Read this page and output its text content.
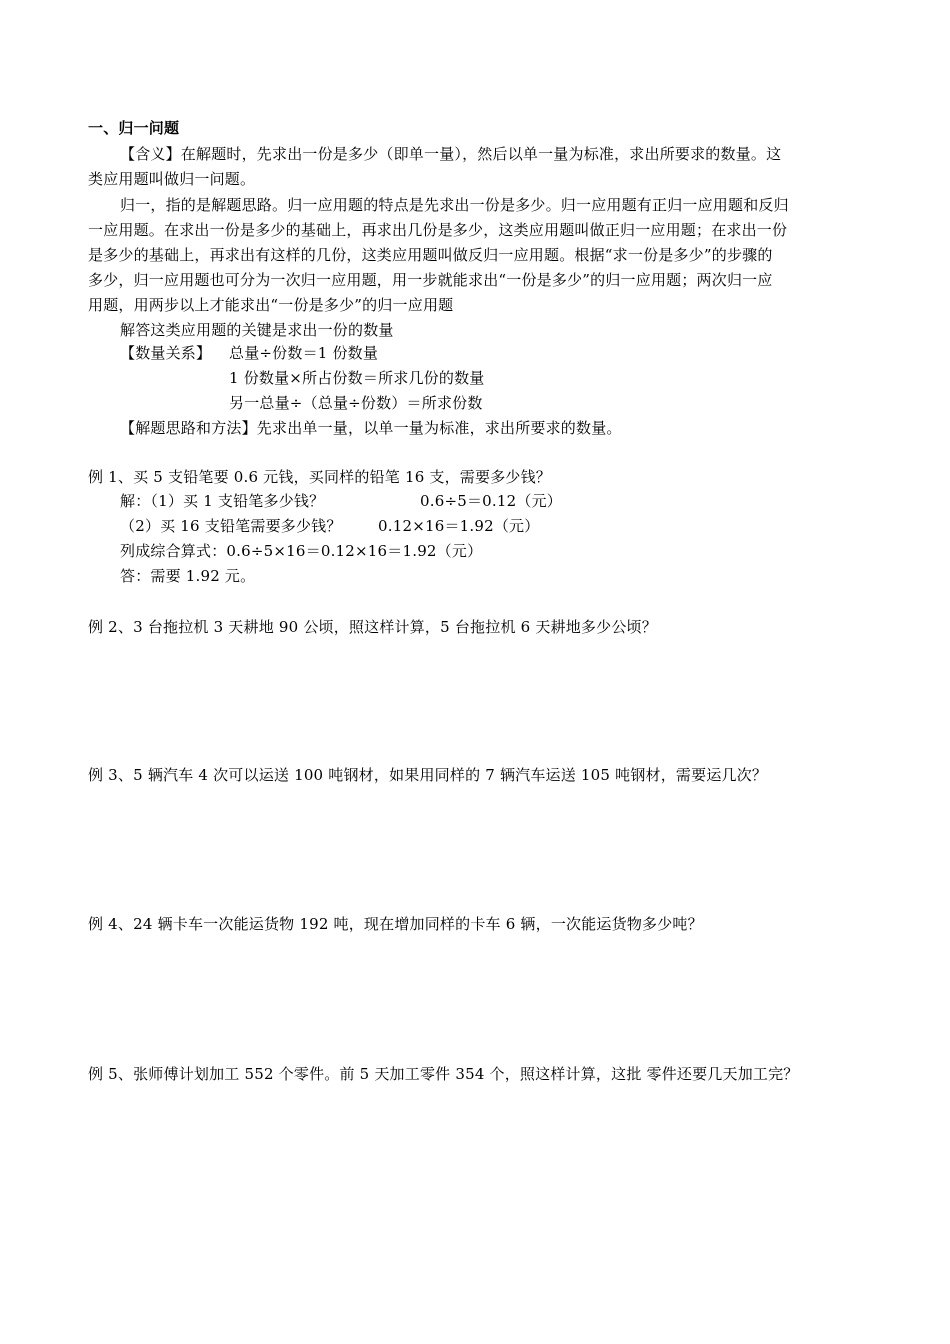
一、归一问题
【含义】在解题时，先求出一份是多少（即单一量），然后以单一量为标准，求出所要求的数量。这
类应用题叫做归一问题。
归一，指的是解题思路。归一应用题的特点是先求出一份是多少。归一应用题有正归一应用题和反归
一应用题。在求出一份是多少的基础上，再求出几份是多少，这类应用题叫做正归一应用题；在求出一份
是多少的基础上，再求出有这样的几份，这类应用题叫做反归一应用题。根据“求一份是多少”的步骤的
多少，归一应用题也可分为一次归一应用题，用一步就能求出“一份是多少”的归一应用题；两次归一应
用题，用两步以上才能求出“一份是多少”的归一应用题
解答这类应用题的关键是求出一份的数量
【数量关系】 总量÷份数＝1 份数量
1 份数量×所占份数＝所求几份的数量
另一总量÷（总量÷份数）＝所求份数
【解题思路和方法】先求出单一量，以单一量为标准，求出所要求的数量。
例 1、买 5 支铅笔要 0.6 元钱，买同样的铅笔 16 支，需要多少钱？
解：（1）买 1 支铅笔多少钱？	0.6÷5＝0.12（元）
（2）买 16 支铅笔需要多少钱？ 0.12×16＝1.92（元）
列成综合算式：0.6÷5×16＝0.12×16＝1.92（元）
答：需要 1.92 元。
例 2、3 台拖拉机 3 天耕地 90 公顷，照这样计算，5 台拖拉机 6 天耕地多少公顷？
例 3、5 辆汽车 4 次可以运送 100 吨钢材，如果用同样的 7 辆汽车运送 105 吨钢材，需要运几次？
例 4、24 辆卡车一次能运货物 192 吨，现在增加同样的卡车 6 辆，一次能运货物多少吨？
例 5、张师傅计划加工 552 个零件。前 5 天加工零件 354 个，照这样计算，这批 零件还要几天加工完？
